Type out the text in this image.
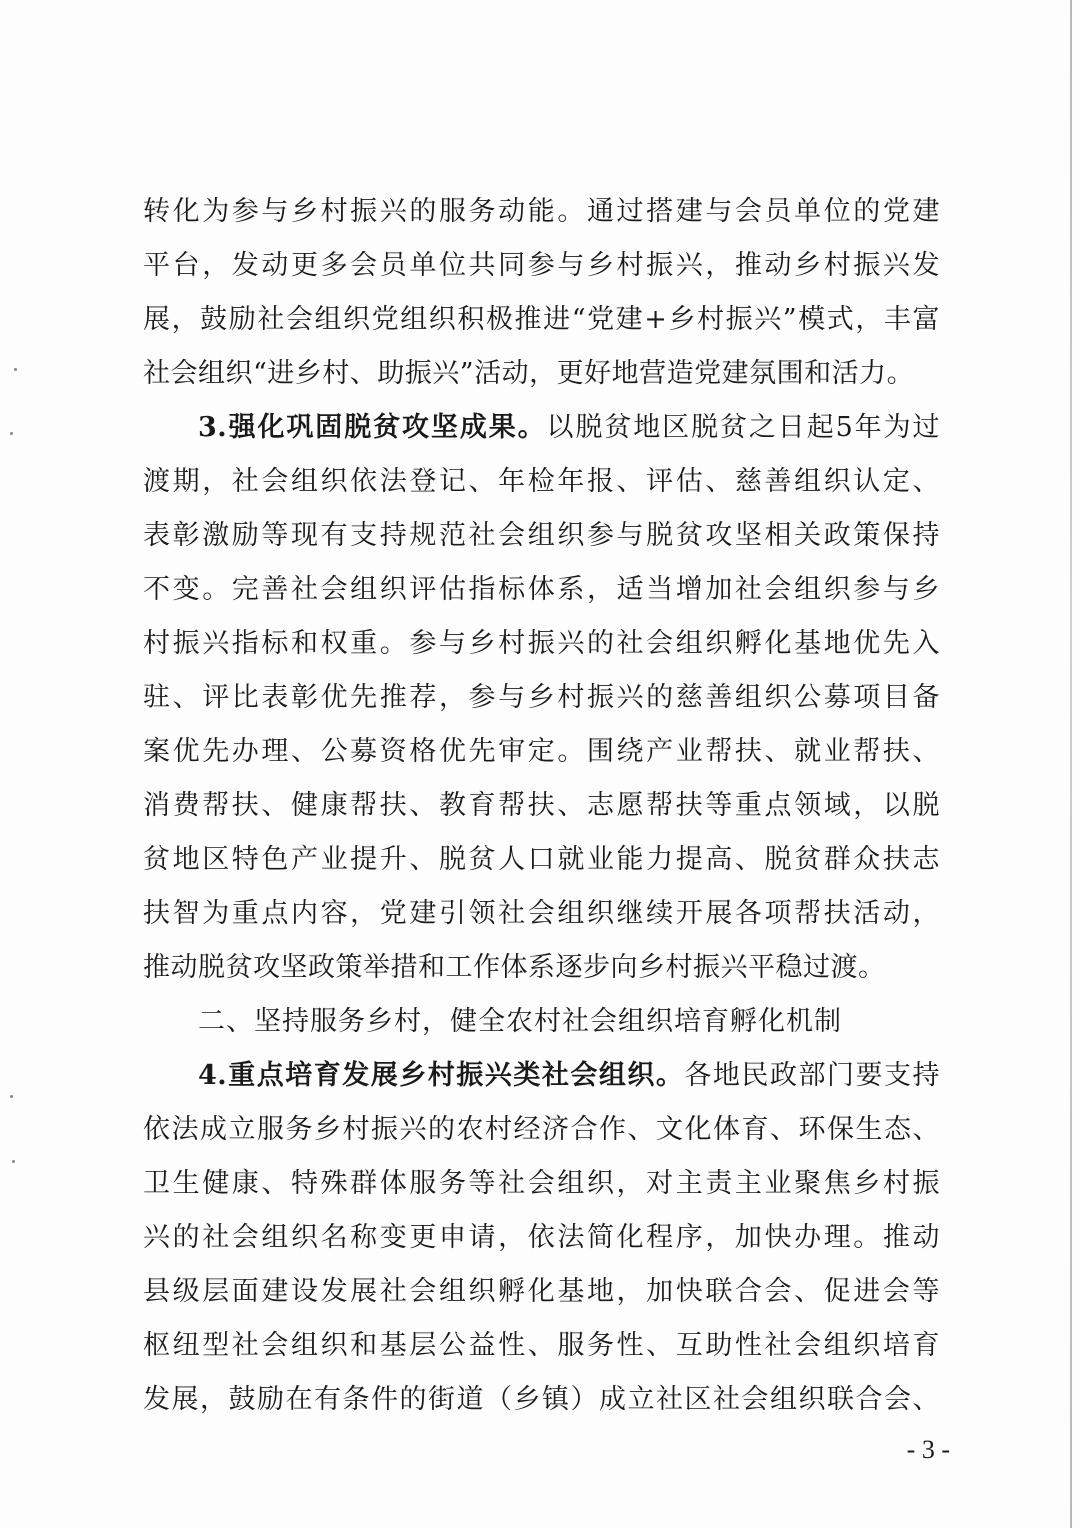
转化为参与乡村振兴的服务动能。通过搭建与会员单位的党建
平台，发动更多会员单位共同参与乡村振兴，推动乡村振兴发
展，鼓励社会组织党组织积极推进“党建+乡村振兴”模式，丰富
社会组织“进乡村、助振兴”活动，更好地营造党建氛围和活力。
3.强化巩固脱贫攻坚成果。以脱贫地区脱贫之日起5年为过
渡期，社会组织依法登记、年检年报、评估、慈善组织认定、
表彰激励等现有支持规范社会组织参与脱贫攻坚相关政策保持
不变。完善社会组织评估指标体系，适当增加社会组织参与乡
村振兴指标和权重。参与乡村振兴的社会组织孵化基地优先入
驻、评比表彰优先推荐，参与乡村振兴的慈善组织公募项目备
案优先办理、公募资格优先审定。围绕产业帮扶、就业帮扶、
消费帮扶、健康帮扶、教育帮扶、志愿帮扶等重点领域，以脱
贫地区特色产业提升、脱贫人口就业能力提高、脱贫群众扶志
扶智为重点内容，党建引领社会组织继续开展各项帮扶活动，
推动脱贫攻坚政策举措和工作体系逐步向乡村振兴平稳过渡。
二、坚持服务乡村，健全农村社会组织培育孵化机制
4.重点培育发展乡村振兴类社会组织。各地民政部门要支持
依法成立服务乡村振兴的农村经济合作、文化体育、环保生态、
卫生健康、特殊群体服务等社会组织，对主责主业聚焦乡村振
兴的社会组织名称变更申请，依法简化程序，加快办理。推动
县级层面建设发展社会组织孵化基地，加快联合会、促进会等
枢纽型社会组织和基层公益性、服务性、互助性社会组织培育
发展，鼓励在有条件的街道（乡镇）成立社区社会组织联合会、
- 3 -
